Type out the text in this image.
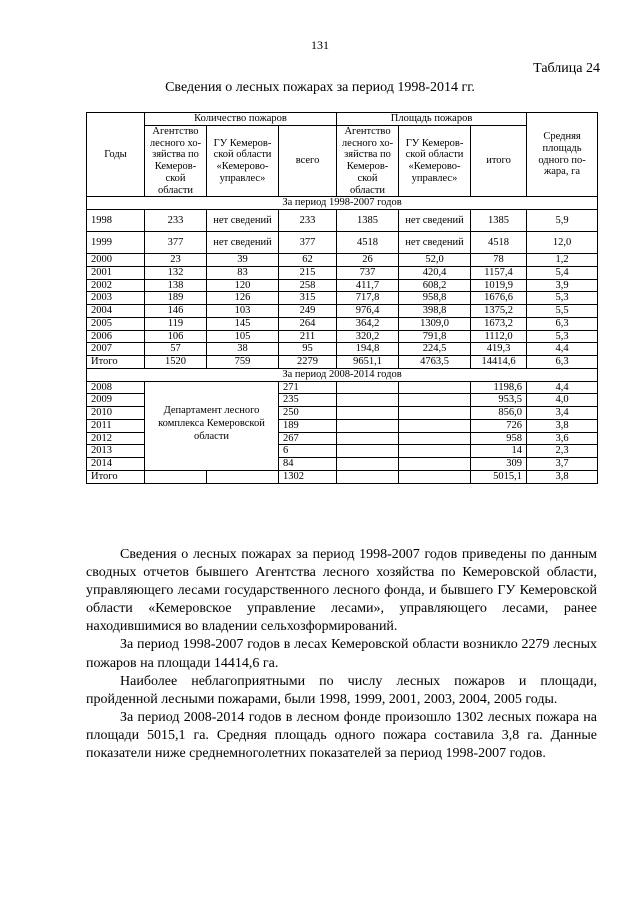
131
Таблица 24
Сведения о лесных пожарах за период 1998-2014 гг.
Годы	Количество пожаров			Площадь пожаров			Средняя площадь одного по-жара, га
	Агентство лесного хо-зяйства по Кемеров-ской области	ГУ Кемеров-ской области «Кемерово-управлес»	всего	Агентство лесного хо-зяйства по Кемеров-ской области	ГУ Кемеров-ской области «Кемерово-управлес»	итого	
За период 1998-2007 годов							
1998	233	нет сведений	233	1385	нет сведений	1385	5,9
1999	377	нет сведений	377	4518	нет сведений	4518	12,0
2000	23	39	62	26	52,0	78	1,2
2001	132	83	215	737	420,4	1157,4	5,4
2002	138	120	258	411,7	608,2	1019,9	3,9
2003	189	126	315	717,8	958,8	1676,6	5,3
2004	146	103	249	976,4	398,8	1375,2	5,5
2005	119	145	264	364,2	1309,0	1673,2	6,3
2006	106	105	211	320,2	791,8	1112,0	5,3
2007	57	38	95	194,8	224,5	419,3	4,4
Итого	1520	759	2279	9651,1	4763,5	14414,6	6,3
За период 2008-2014 годов							
2008	Департамент лесного комплекса Кемеровской области		271			1198,6	4,4
2009			235			953,5	4,0
2010			250			856,0	3,4
2011			189			726	3,8
2012			267			958	3,6
2013			6			14	2,3
2014			84			309	3,7
Итого			1302			5015,1	3,8

Сведения о лесных пожарах за период 1998-2007 годов приведены по данным сводных отчетов бывшего Агентства лесного хозяйства по Кемеровской области, управляющего лесами государственного лесного фонда, и бывшего ГУ Кемеровской области «Кемеровское управление лесами», управляющего лесами, ранее находившимися во владении сельхозформирований.

За период 1998-2007 годов в лесах Кемеровской области возникло 2279 лесных пожаров на площади 14414,6 га.

Наиболее неблагоприятными по числу лесных пожаров и площади, пройденной лесными пожарами, были 1998, 1999, 2001, 2003, 2004, 2005 годы.

За период 2008-2014 годов в лесном фонде произошло 1302 лесных пожара на площади 5015,1 га. Средняя площадь одного пожара составила 3,8 га. Данные показатели ниже среднемноголетних показателей за период 1998-2007 годов.
